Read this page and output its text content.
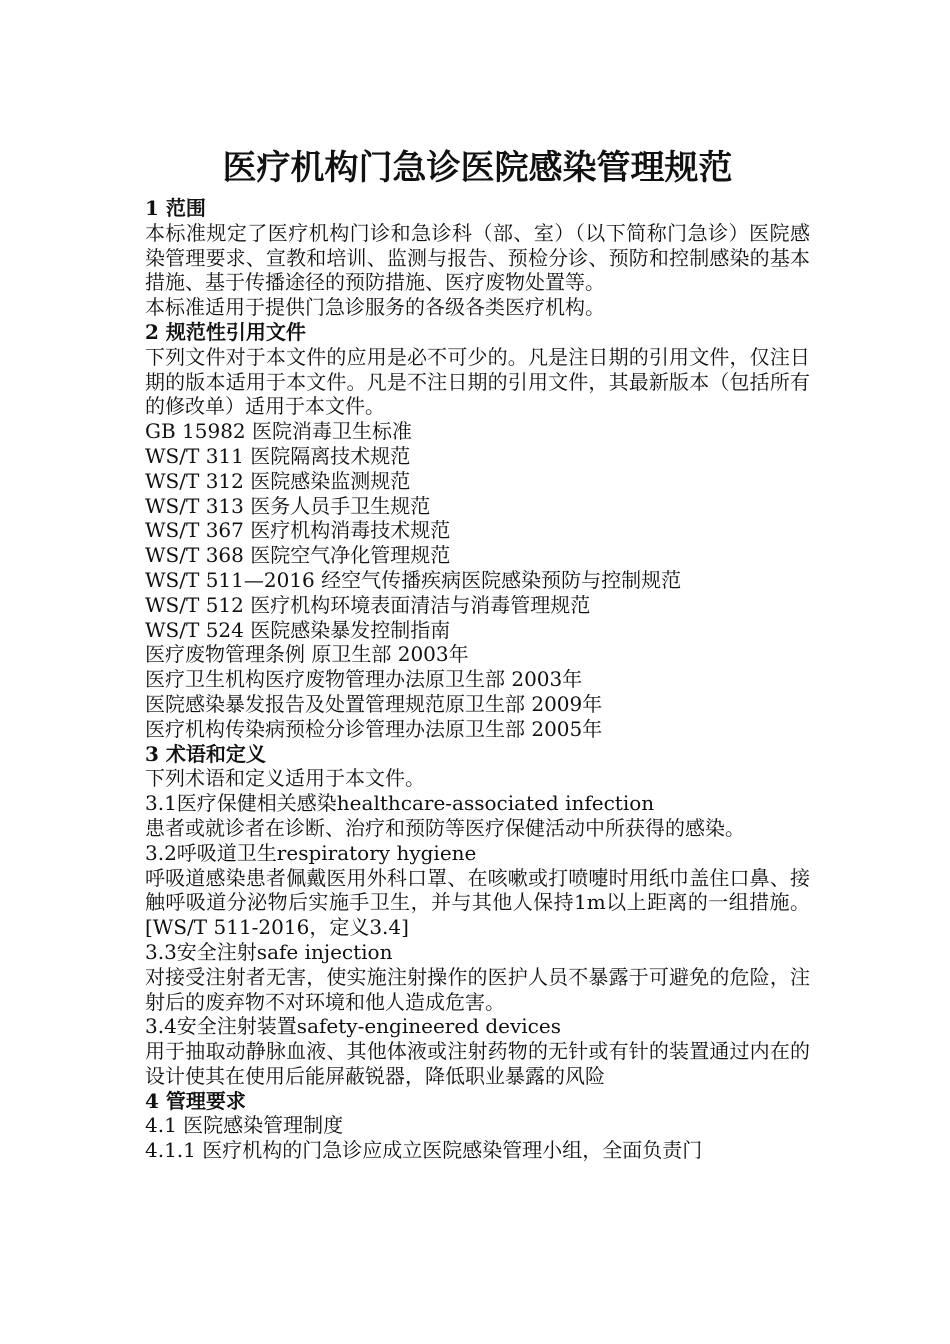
医疗机构门急诊医院感染管理规范
1 范围
本标准规定了医疗机构门诊和急诊科（部、室）（以下简称门急诊）医院感染管理要求、宣教和培训、监测与报告、预检分诊、预防和控制感染的基本措施、基于传播途径的预防措施、医疗废物处置等。
本标准适用于提供门急诊服务的各级各类医疗机构。
2 规范性引用文件
下列文件对于本文件的应用是必不可少的。凡是注日期的引用文件，仅注日期的版本适用于本文件。凡是不注日期的引用文件，其最新版本（包括所有的修改单）适用于本文件。
GB 15982 医院消毒卫生标准
WS/T 311 医院隔离技术规范
WS/T 312 医院感染监测规范
WS/T 313 医务人员手卫生规范
WS/T 367 医疗机构消毒技术规范
WS/T 368 医院空气净化管理规范
WS/T 511—2016 经空气传播疾病医院感染预防与控制规范
WS/T 512 医疗机构环境表面清洁与消毒管理规范
WS/T 524 医院感染暴发控制指南
医疗废物管理条例 原卫生部 2003年
医疗卫生机构医疗废物管理办法原卫生部 2003年
医院感染暴发报告及处置管理规范原卫生部 2009年
医疗机构传染病预检分诊管理办法原卫生部 2005年
3 术语和定义
下列术语和定义适用于本文件。
3.1医疗保健相关感染healthcare-associated infection
患者或就诊者在诊断、治疗和预防等医疗保健活动中所获得的感染。
3.2呼吸道卫生respiratory hygiene
呼吸道感染患者佩戴医用外科口罩、在咳嗽或打喷嚏时用纸巾盖住口鼻、接触呼吸道分泌物后实施手卫生，并与其他人保持1m以上距离的一组措施。[WS/T 511-2016，定义3.4]
3.3安全注射safe injection
对接受注射者无害，使实施注射操作的医护人员不暴露于可避免的危险，注射后的废弃物不对环境和他人造成危害。
3.4安全注射装置safety-engineered devices
用于抽取动静脉血液、其他体液或注射药物的无针或有针的装置通过内在的设计使其在使用后能屏蔽锐器，降低职业暴露的风险
4 管理要求
4.1 医院感染管理制度
4.1.1 医疗机构的门急诊应成立医院感染管理小组，全面负责门
